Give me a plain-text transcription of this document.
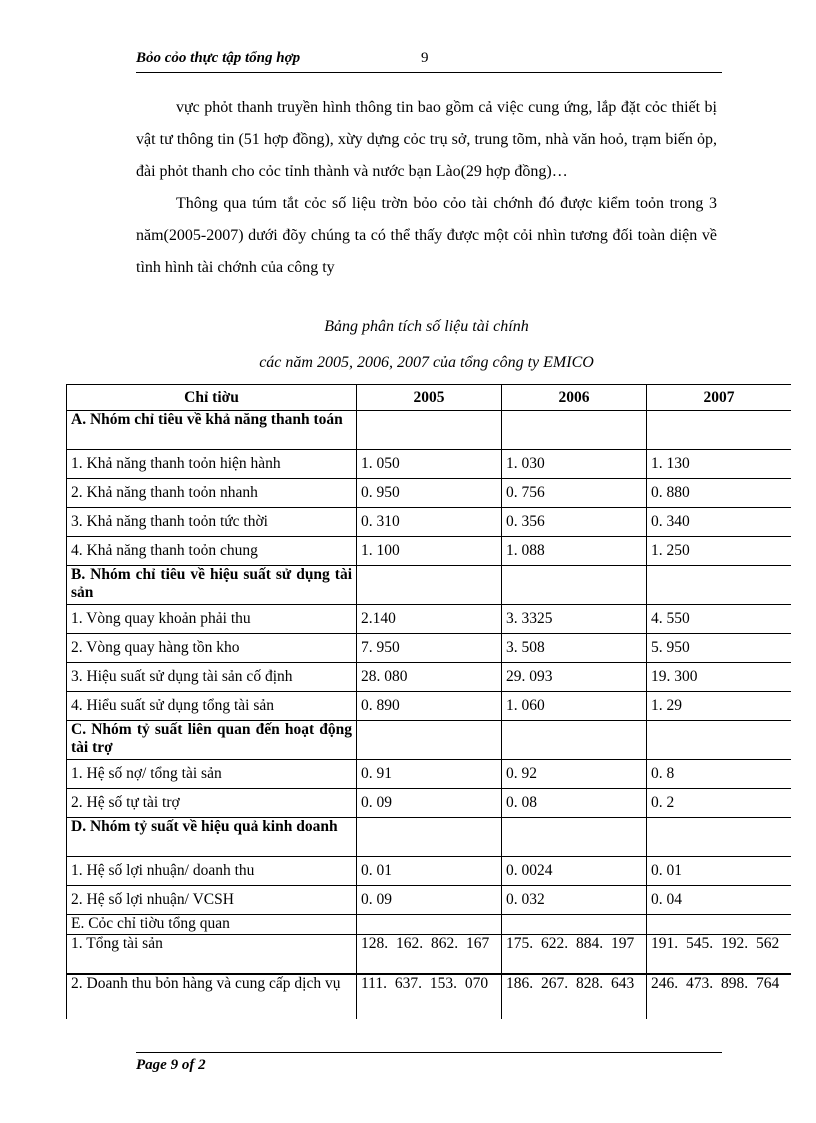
Bỏo cỏo thực tập tổng hợp	9

vực phỏt thanh truyền hình thông tin bao gồm cả việc cung ứng, lắp đặt cỏc thiết bị vật tư thông tin (51 hợp đồng), xừy dựng cỏc trụ sở, trung tõm, nhà văn hoỏ, trạm biến ỏp, đài phỏt thanh cho cỏc tỉnh thành và nước bạn Lào(29 hợp đồng)…

Thông qua túm tắt cỏc số liệu trờn bỏo cỏo tài chớnh đó được kiểm toỏn trong 3 năm(2005-2007) dưới đõy chúng ta có thể thấy được một cỏi nhìn tương đối toàn diện về tình hình tài chớnh của công ty

Bảng phân tích số liệu tài chính
các năm 2005, 2006, 2007 của tổng công ty EMICO
Chỉ tiờu	2005	2006	2007
A. Nhóm chỉ tiêu về khả năng thanh toán			
1. Khả năng thanh toỏn hiện hành	1. 050	1. 030	1. 130
2. Khả năng thanh toỏn nhanh	0. 950	0. 756	0. 880
3. Khả năng thanh toỏn tức thời	0. 310	0. 356	0. 340
4. Khả năng thanh toỏn chung	1. 100	1. 088	1. 250
B. Nhóm chỉ tiêu về hiệu suất sử dụng tài sản			
1. Vòng quay khoản phải thu	2.140	3. 3325	4. 550
2. Vòng quay hàng tồn kho	7. 950	3. 508	5. 950
3. Hiệu suất sử dụng tài sản cố định	28. 080	29. 093	19. 300
4. Hiểu suất sử dụng tổng tài sản	0. 890	1. 060	1. 29
C. Nhóm tỷ suất liên quan đến hoạt động tài trợ			
1. Hệ số nợ/ tổng tài sản	0. 91	0. 92	0. 8
2. Hệ số tự tài trợ	0. 09	0. 08	0. 2
D. Nhóm tỷ suất về hiệu quả kinh doanh			
1. Hệ số lợi nhuận/ doanh thu	0. 01	0. 0024	0. 01
2. Hệ số lợi nhuận/ VCSH	0. 09	0. 032	0. 04
E. Cỏc chỉ tiờu tổng quan			
1. Tổng tài sản	128. 162. 862. 167	175. 622. 884. 197	191. 545. 192. 562
2. Doanh thu bỏn hàng và cung cấp dịch vụ	111. 637. 153. 070	186. 267. 828. 643	246. 473. 898. 764
Page 9 of 2
